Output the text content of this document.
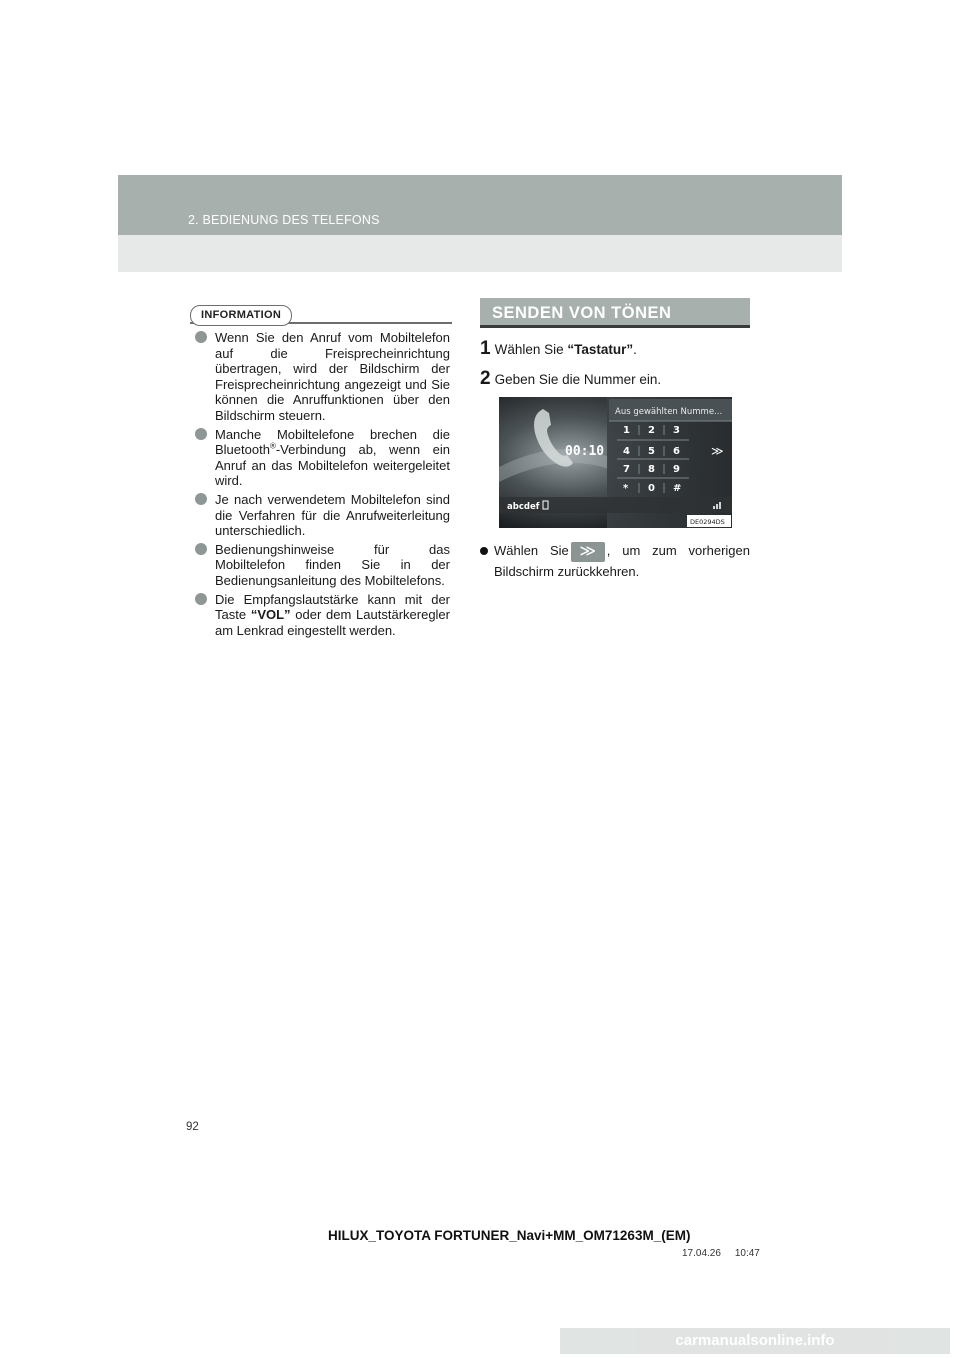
2. BEDIENUNG DES TELEFONS
INFORMATION
Wenn Sie den Anruf vom Mobiltelefon auf die Freisprecheinrichtung übertragen, wird der Bildschirm der Freisprecheinrichtung angezeigt und Sie können die Anruffunktionen über den Bildschirm steuern.
Manche Mobiltelefone brechen die Bluetooth®-Verbindung ab, wenn ein Anruf an das Mobiltelefon weitergeleitet wird.
Je nach verwendetem Mobiltelefon sind die Verfahren für die Anrufweiterleitung unterschiedlich.
Bedienungshinweise für das Mobiltelefon finden Sie in der Bedienungsanleitung des Mobiltelefons.
Die Empfangslautstärke kann mit der Taste “VOL” oder dem Lautstärkeregler am Lenkrad eingestellt werden.
SENDEN VON TÖNEN
1 Wählen Sie “Tastatur”.
2 Geben Sie die Nummer ein.
Aus gewählten Numme...
00:10
1 2 3
4 5 6
7 8 9
* 0 #
≫
abcdef
DE0294DS
Wählen Sie ≫ , um zum vorherigen Bildschirm zurückkehren.
92
HILUX_TOYOTA FORTUNER_Navi+MM_OM71263M_(EM)
17.04.26     10:47
carmanualsonline.info
